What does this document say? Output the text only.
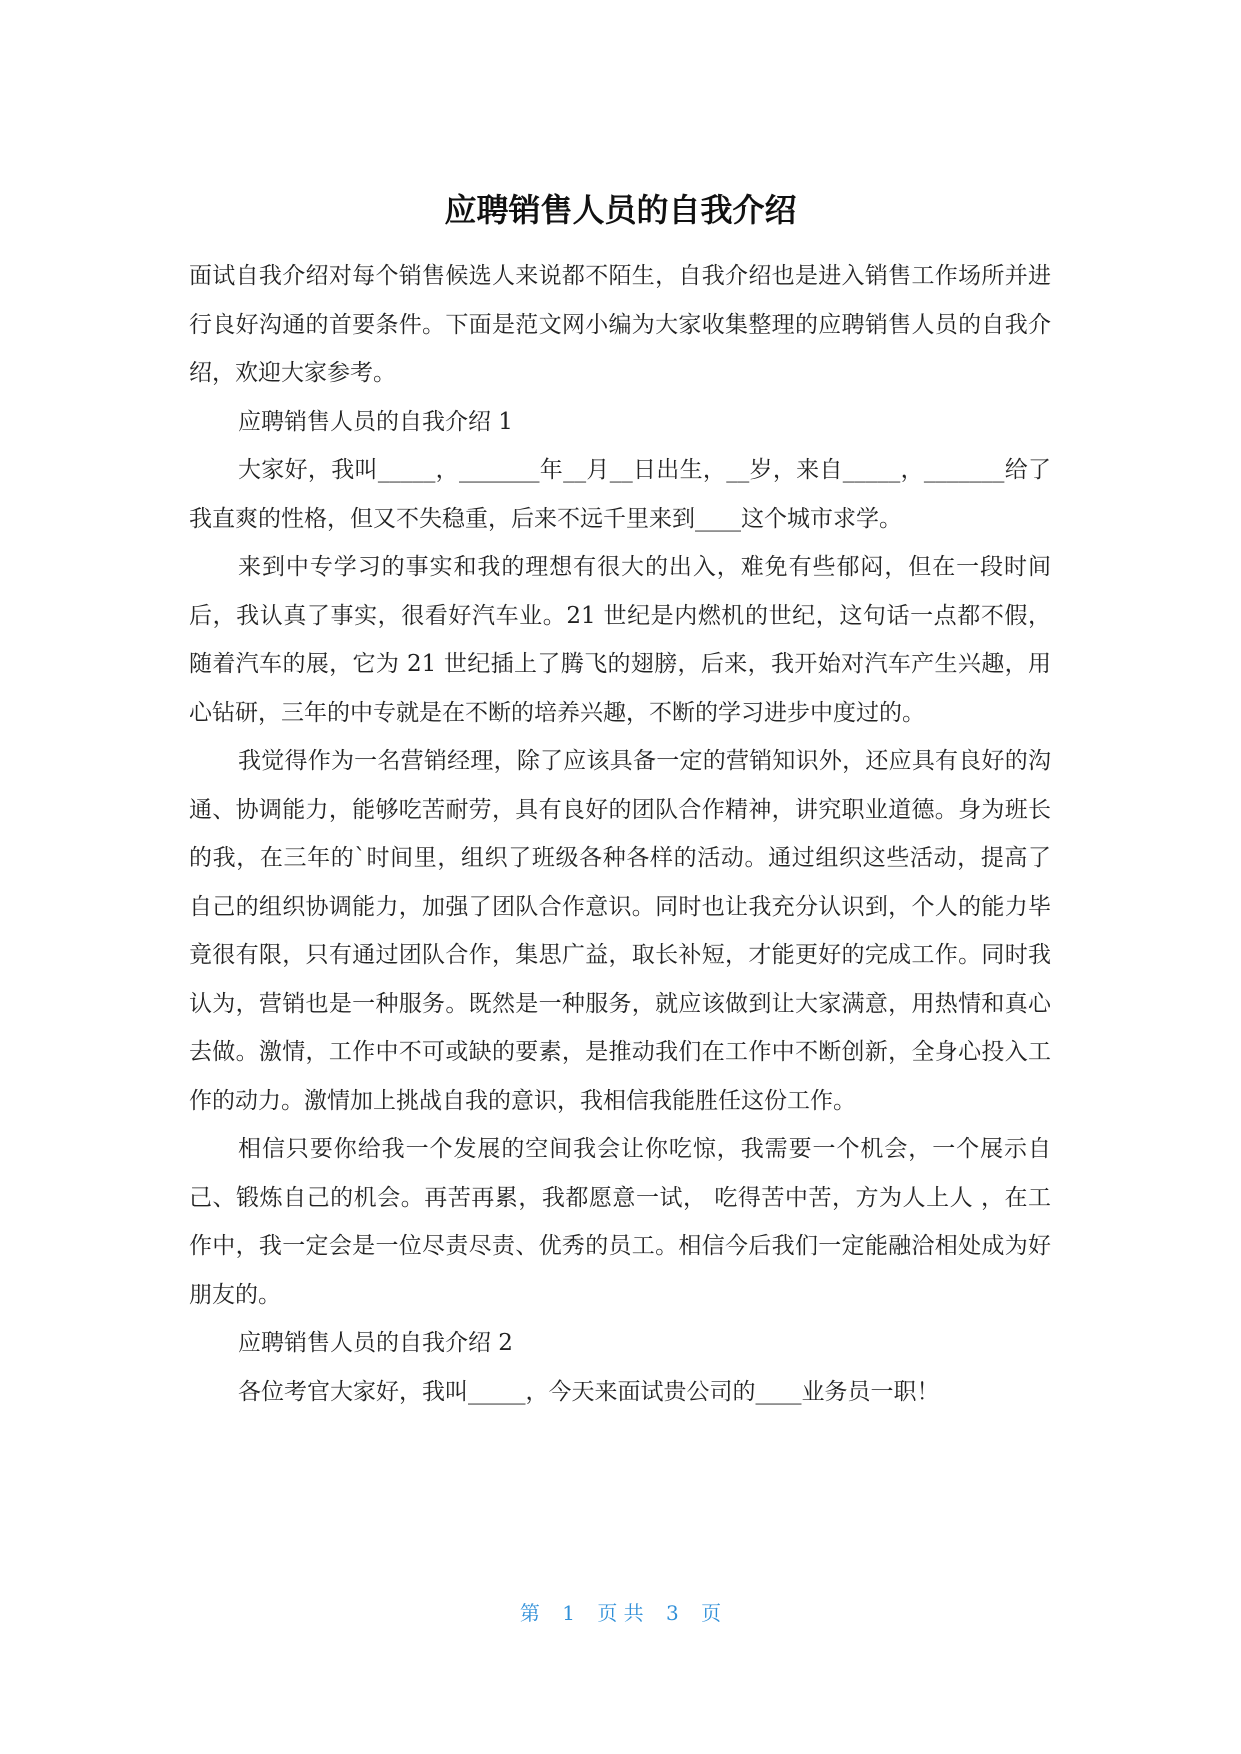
应聘销售人员的自我介绍

面试自我介绍对每个销售候选人来说都不陌生，自我介绍也是进入销售工作场所并进行良好沟通的首要条件。下面是范文网小编为大家收集整理的应聘销售人员的自我介绍，欢迎大家参考。

应聘销售人员的自我介绍 1

大家好，我叫_____，_______年__月__日出生，__岁，来自_____，_______给了我直爽的性格，但又不失稳重，后来不远千里来到____这个城市求学。

来到中专学习的事实和我的理想有很大的出入，难免有些郁闷，但在一段时间后，我认真了事实，很看好汽车业。21 世纪是内燃机的世纪，这句话一点都不假，随着汽车的展，它为 21 世纪插上了腾飞的翅膀，后来，我开始对汽车产生兴趣，用心钻研，三年的中专就是在不断的培养兴趣，不断的学习进步中度过的。

我觉得作为一名营销经理，除了应该具备一定的营销知识外，还应具有良好的沟通、协调能力，能够吃苦耐劳，具有良好的团队合作精神，讲究职业道德。身为班长的我，在三年的`时间里，组织了班级各种各样的活动。通过组织这些活动，提高了自己的组织协调能力，加强了团队合作意识。同时也让我充分认识到，个人的能力毕竟很有限，只有通过团队合作，集思广益，取长补短，才能更好的完成工作。同时我认为，营销也是一种服务。既然是一种服务，就应该做到让大家满意，用热情和真心去做。激情，工作中不可或缺的要素，是推动我们在工作中不断创新，全身心投入工作的动力。激情加上挑战自我的意识，我相信我能胜任这份工作。

相信只要你给我一个发展的空间我会让你吃惊，我需要一个机会，一个展示自己、锻炼自己的机会。再苦再累，我都愿意一试， 吃得苦中苦，方为人上人 ，在工作中，我一定会是一位尽责尽责、优秀的员工。相信今后我们一定能融洽相处成为好朋友的。

应聘销售人员的自我介绍 2

各位考官大家好，我叫_____，今天来面试贵公司的____业务员一职！

第 1 页 共 3 页
